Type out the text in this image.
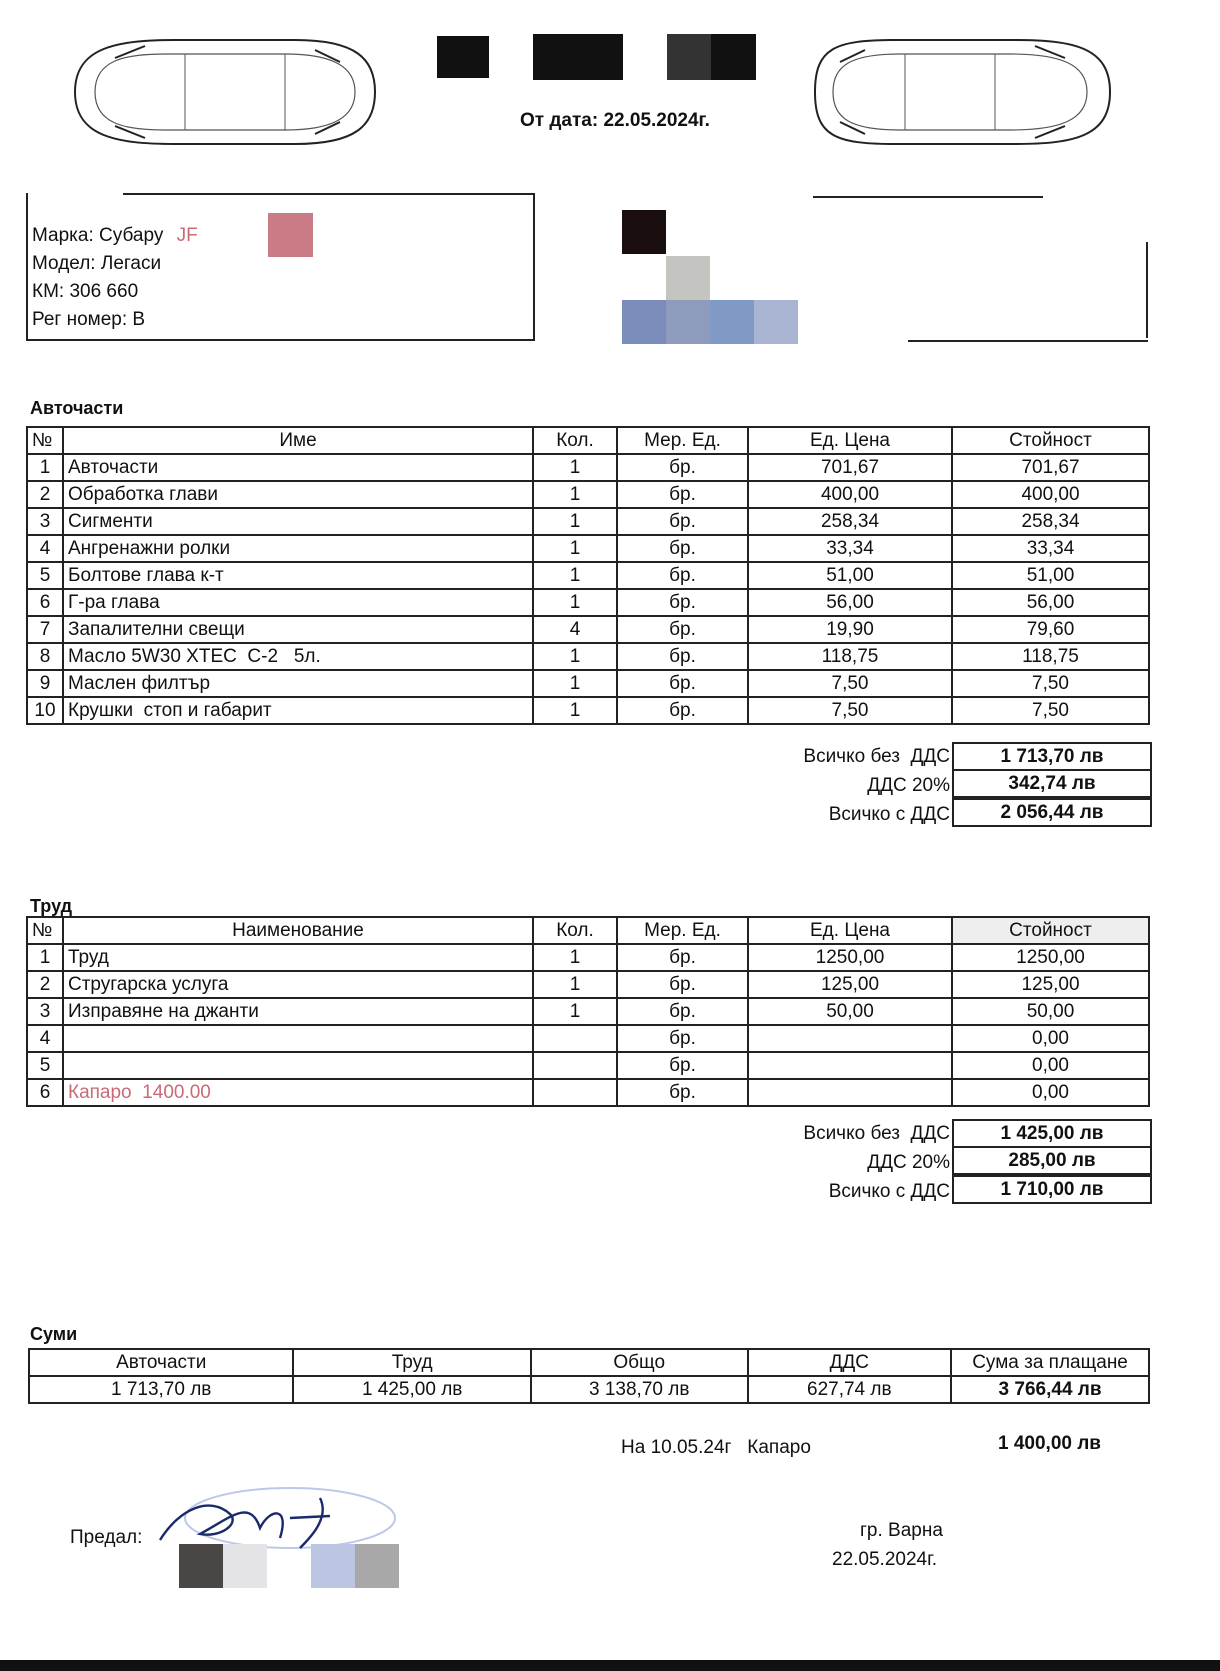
От дата: 22.05.2024г.
Марка: Субару JF
Модел: Легаси
КМ: 306 660
Рег номер: В
Авточасти
№	Име	Кол.	Мер. Ед.	Ед. Цена	Стойност
1	Авточасти	1	бр.	701,67	701,67
2	Обработка глави	1	бр.	400,00	400,00
3	Сигменти	1	бр.	258,34	258,34
4	Ангренажни ролки	1	бр.	33,34	33,34
5	Болтове глава к-т	1	бр.	51,00	51,00
6	Г-ра глава	1	бр.	56,00	56,00
7	Запалителни свещи	4	бр.	19,90	79,60
8	Масло 5W30 XTEC  C-2   5л.	1	бр.	118,75	118,75
9	Маслен филтър	1	бр.	7,50	7,50
10	Крушки  стоп и габарит	1	бр.	7,50	7,50
Всичко без  ДДС	1 713,70 лв
ДДС 20%	342,74 лв
Всичко с ДДС	2 056,44 лв
Труд
№	Наименование	Кол.	Мер. Ед.	Ед. Цена	Стойност
1	Труд	1	бр.	1250,00	1250,00
2	Стругарска услуга	1	бр.	125,00	125,00
3	Изправяне на джанти	1	бр.	50,00	50,00
4			бр.		0,00
5			бр.		0,00
6	Капаро  1400.00		бр.		0,00
Всичко без  ДДС	1 425,00 лв
ДДС 20%	285,00 лв
Всичко с ДДС	1 710,00 лв
Суми
Авточасти	Труд	Общо	ДДС	Сума за плащане
1 713,70 лв	1 425,00 лв	3 138,70 лв	627,74 лв	3 766,44 лв
На 10.05.24г   Капаро	1 400,00 лв
Предал:	гр. Варна
22.05.2024г.
